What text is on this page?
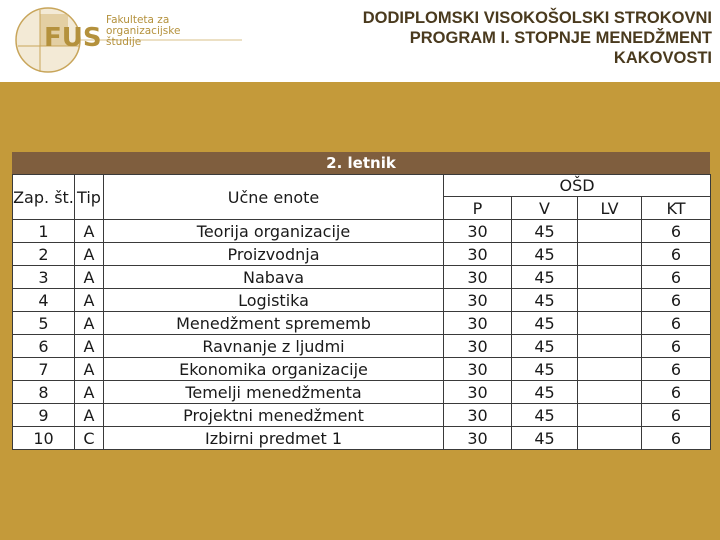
FUS
Fakulteta za
organizacijske
študije
DODIPLOMSKI VISOKOŠOLSKI STROKOVNI
PROGRAM I. STOPNJE MENEDŽMENT
KAKOVOSTI
2. letnik
Zap. št.	Tip	Učne enote	OŠD			
			P	V	LV	KT
1	A	Teorija organizacije	30	45		6
2	A	Proizvodnja	30	45		6
3	A	Nabava	30	45		6
4	A	Logistika	30	45		6
5	A	Menedžment sprememb	30	45		6
6	A	Ravnanje z ljudmi	30	45		6
7	A	Ekonomika organizacije	30	45		6
8	A	Temelji menedžmenta	30	45		6
9	A	Projektni menedžment	30	45		6
10	C	Izbirni predmet 1	30	45		6
